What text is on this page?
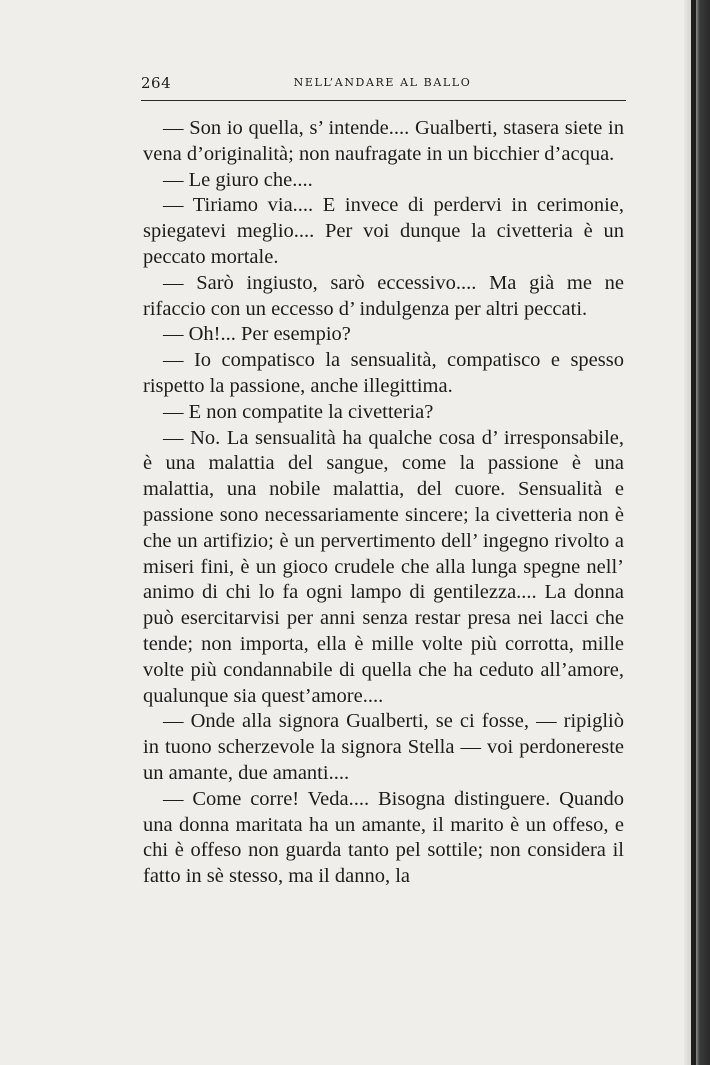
264	NELL’ANDARE AL BALLO

— Son io quella, s’ intende.... Gualberti, stasera siete in vena d’originalità; non naufragate in un bicchier d’acqua.

— Le giuro che....

— Tiriamo via.... E invece di perdervi in cerimonie, spiegatevi meglio.... Per voi dunque la civetteria è un peccato mortale.

— Sarò ingiusto, sarò eccessivo.... Ma già me ne rifaccio con un eccesso d’ indulgenza per altri peccati.

— Oh!... Per esempio?

— Io compatisco la sensualità, compatisco e spesso rispetto la passione, anche illegittima.

— E non compatite la civetteria?

— No. La sensualità ha qualche cosa d’ irresponsabile, è una malattia del sangue, come la passione è una malattia, una nobile malattia, del cuore. Sensualità e passione sono necessariamente sincere; la civetteria non è che un artifizio; è un pervertimento dell’ ingegno rivolto a miseri fini, è un gioco crudele che alla lunga spegne nell’ animo di chi lo fa ogni lampo di gentilezza.... La donna può esercitarvisi per anni senza restar presa nei lacci che tende; non importa, ella è mille volte più corrotta, mille volte più condannabile di quella che ha ceduto all’amore, qualunque sia quest’amore....

— Onde alla signora Gualberti, se ci fosse, — ripigliò in tuono scherzevole la signora Stella — voi perdonereste un amante, due amanti....

— Come corre! Veda.... Bisogna distinguere. Quando una donna maritata ha un amante, il marito è un offeso, e chi è offeso non guarda tanto pel sottile; non considera il fatto in sè stesso, ma il danno, la
